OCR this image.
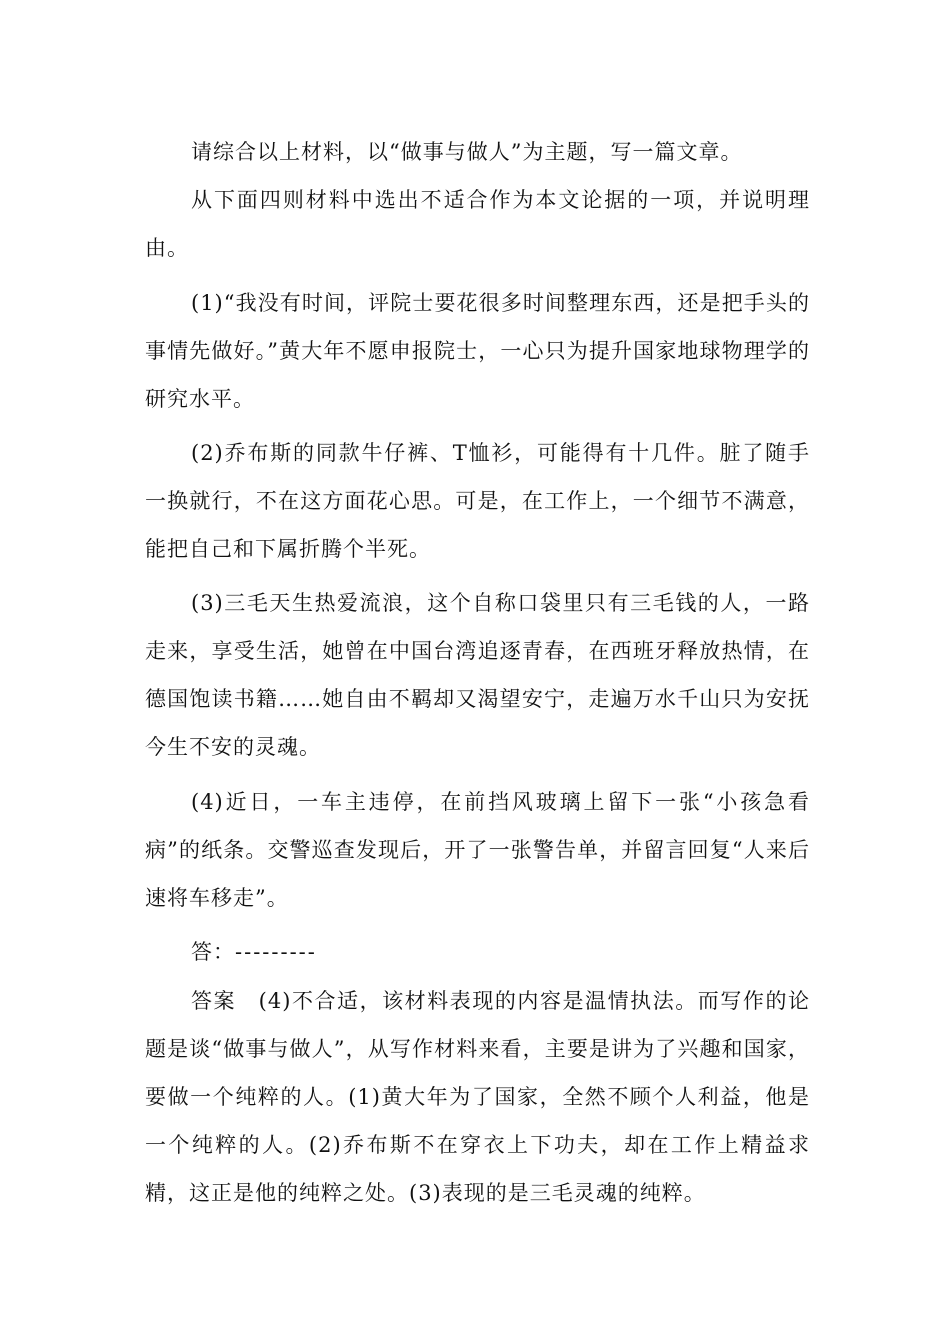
请综合以上材料，以“做事与做人”为主题，写一篇文章。

从下面四则材料中选出不适合作为本文论据的一项，并说明理由。

(1)“我没有时间，评院士要花很多时间整理东西，还是把手头的事情先做好。”黄大年不愿申报院士，一心只为提升国家地球物理学的研究水平。

(2)乔布斯的同款牛仔裤、T恤衫，可能得有十几件。脏了随手一换就行，不在这方面花心思。可是，在工作上，一个细节不满意，能把自己和下属折腾个半死。

(3)三毛天生热爱流浪，这个自称口袋里只有三毛钱的人，一路走来，享受生活，她曾在中国台湾追逐青春，在西班牙释放热情，在德国饱读书籍……她自由不羁却又渴望安宁，走遍万水千山只为安抚今生不安的灵魂。

(4)近日，一车主违停，在前挡风玻璃上留下一张“小孩急看病”的纸条。交警巡查发现后，开了一张警告单，并留言回复“人来后速将车移走”。

答：---------

答案　(4)不合适，该材料表现的内容是温情执法。而写作的论题是谈“做事与做人”，从写作材料来看，主要是讲为了兴趣和国家，要做一个纯粹的人。(1)黄大年为了国家，全然不顾个人利益，他是一个纯粹的人。(2)乔布斯不在穿衣上下功夫，却在工作上精益求精，这正是他的纯粹之处。(3)表现的是三毛灵魂的纯粹。
